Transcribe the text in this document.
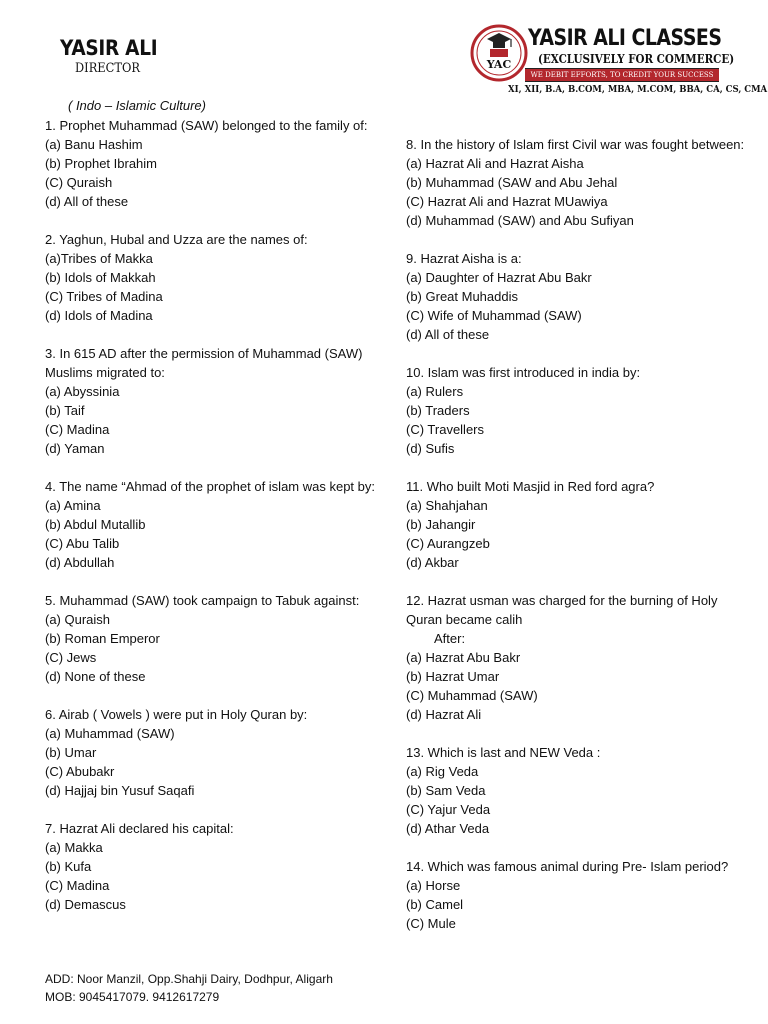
YASIR ALI
DIRECTOR	YAC
YASIR ALI CLASSES
(EXCLUSIVELY FOR COMMERCE)
WE DEBIT EFFORTS, TO CREDIT YOUR SUCCESS
XI, XII, B.A, B.COM, MBA, M.COM, BBA, CA, CS, CMA
( Indo – Islamic Culture)
1. Prophet Muhammad (SAW) belonged to the family of:
(a) Banu Hashim
(b) Prophet Ibrahim
(C) Quraish
(d) All of these
2. Yaghun, Hubal and Uzza are the names of:
(a)Tribes of Makka
(b) Idols of Makkah
(C) Tribes of Madina
(d) Idols of Madina
3. In 615 AD after the permission of Muhammad (SAW) Muslims migrated to:
(a) Abyssinia
(b) Taif
(C) Madina
(d) Yaman
4. The name “Ahmad of the prophet of islam was kept by:
(a) Amina
(b) Abdul Mutallib
(C) Abu Talib
(d) Abdullah
5. Muhammad (SAW) took campaign to Tabuk against:
(a) Quraish
(b) Roman Emperor
(C) Jews
(d) None of these
6. Airab ( Vowels ) were put in Holy Quran by:
(a) Muhammad (SAW)
(b) Umar
(C) Abubakr
(d) Hajjaj bin Yusuf Saqafi
7. Hazrat Ali declared his capital:
(a) Makka
(b) Kufa
(C) Madina
(d) Demascus
8. In the history of Islam first Civil war was fought between:
(a) Hazrat Ali and Hazrat Aisha
(b) Muhammad (SAW and Abu Jehal
(C) Hazrat Ali and Hazrat MUawiya
(d) Muhammad (SAW) and Abu Sufiyan
9. Hazrat Aisha is a:
(a) Daughter of Hazrat Abu Bakr
(b) Great Muhaddis
(C) Wife of Muhammad (SAW)
(d) All of these
10. Islam was first introduced in india by:
(a) Rulers
(b) Traders
(C) Travellers
(d) Sufis
11. Who built Moti Masjid in Red ford agra?
(a) Shahjahan
(b) Jahangir
(C) Aurangzeb
(d) Akbar
12. Hazrat usman was charged for the burning of Holy Quran became calih
After:
(a) Hazrat Abu Bakr
(b) Hazrat Umar
(C) Muhammad (SAW)
(d) Hazrat Ali
13. Which is last and NEW Veda :
(a) Rig Veda
(b) Sam Veda
(C) Yajur Veda
(d) Athar Veda
14. Which was famous animal during Pre- Islam period?
(a) Horse
(b) Camel
(C) Mule
ADD: Noor Manzil, Opp.Shahji Dairy, Dodhpur, Aligarh
MOB: 9045417079. 9412617279
